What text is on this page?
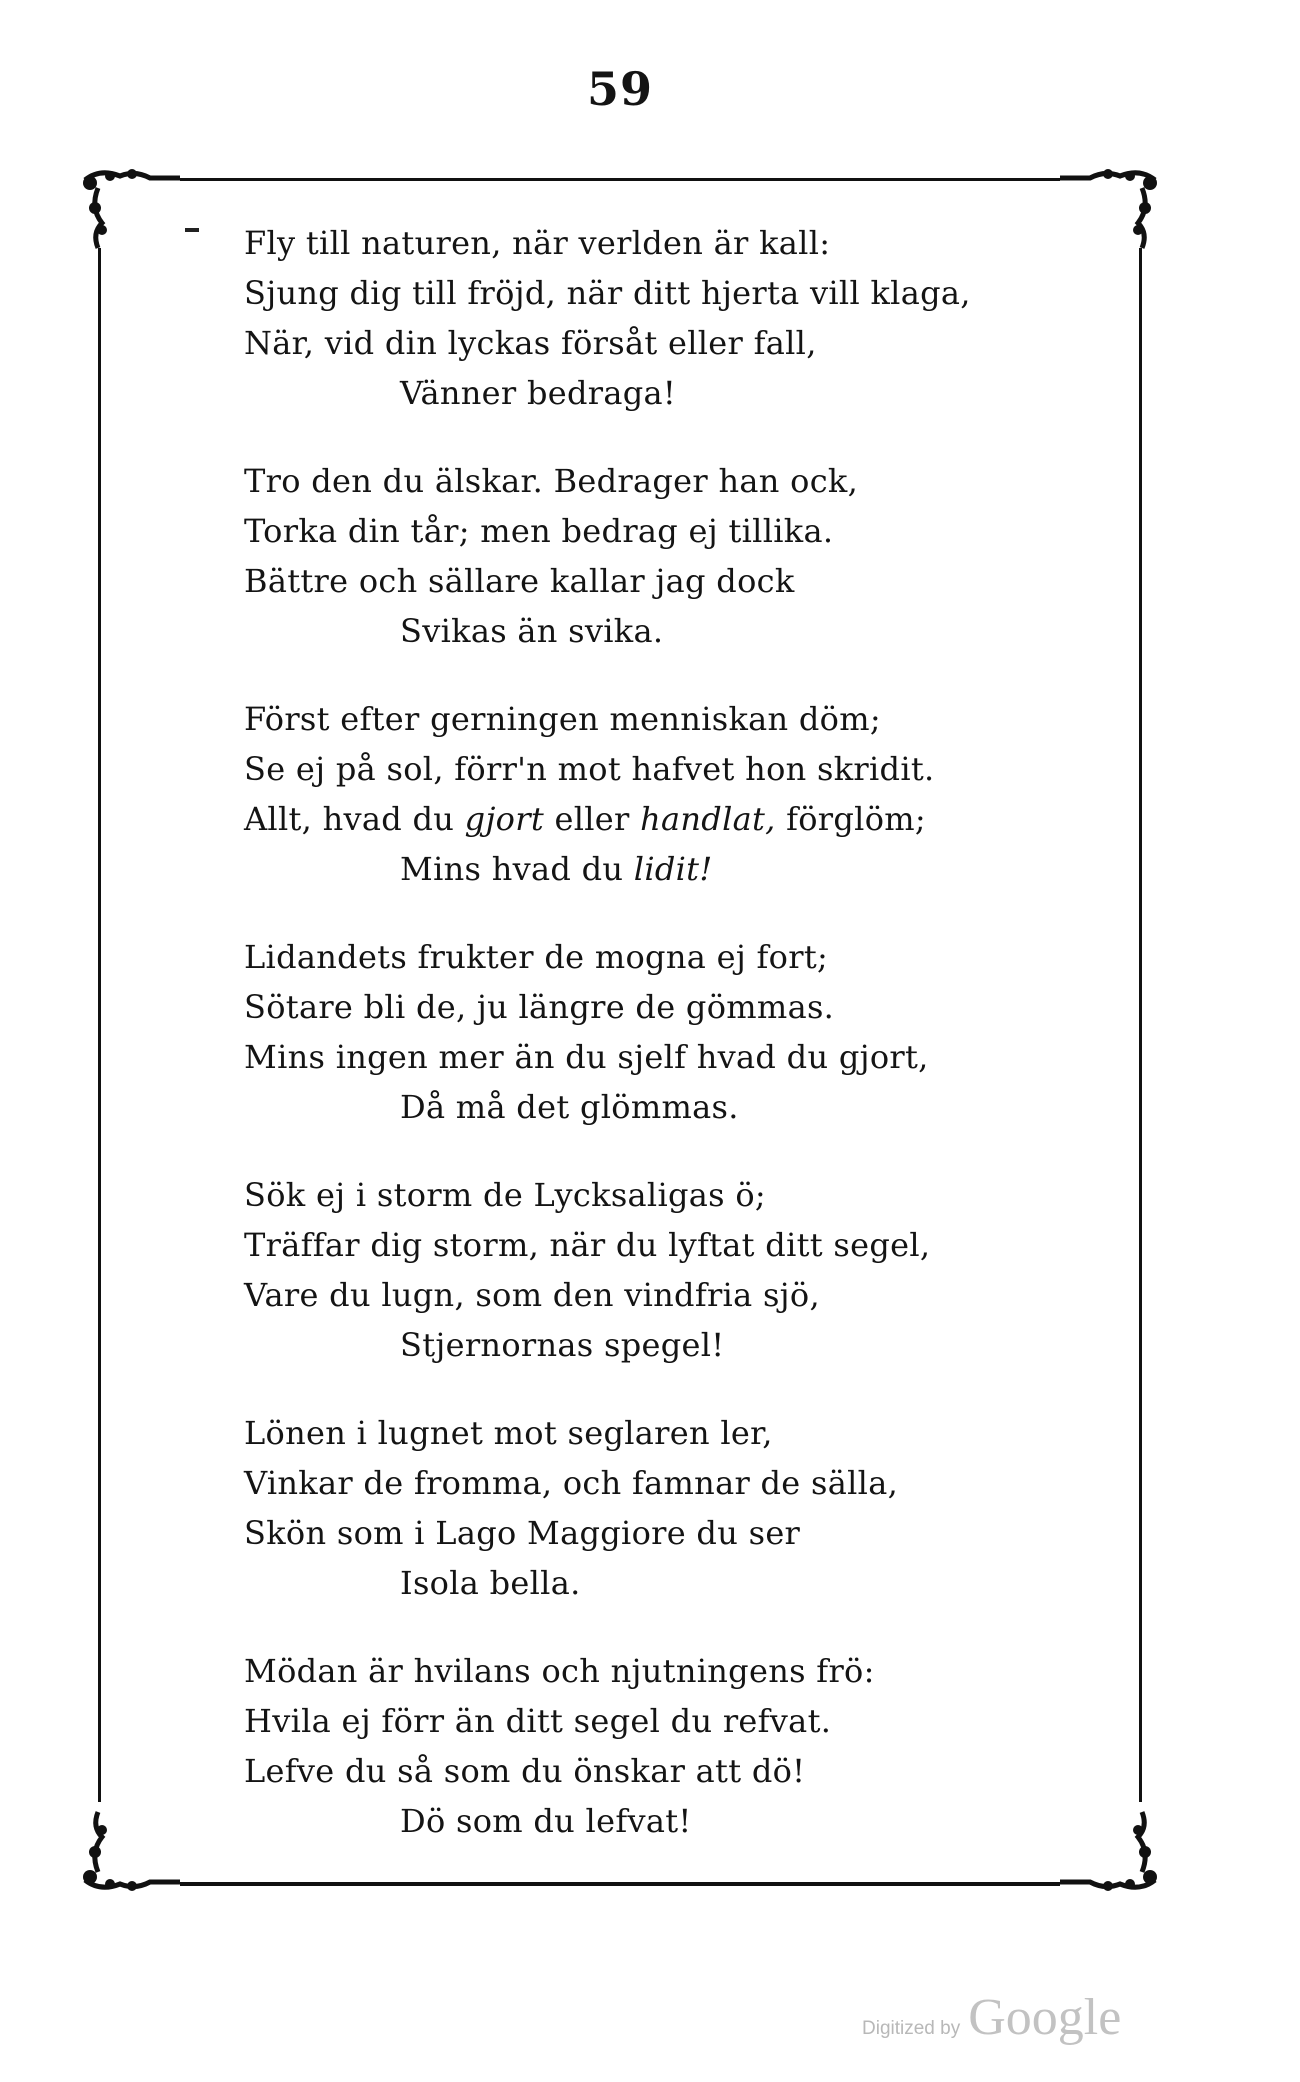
59
Fly till naturen, när verlden är kall:
Sjung dig till fröjd, när ditt hjerta vill klaga,
När, vid din lyckas försåt eller fall,
Vänner bedraga!
Tro den du älskar. Bedrager han ock,
Torka din tår; men bedrag ej tillika.
Bättre och sällare kallar jag dock
Svikas än svika.
Först efter gerningen menniskan döm;
Se ej på sol, förr'n mot hafvet hon skridit.
Allt, hvad du gjort eller handlat, förglöm;
Mins hvad du lidit!
Lidandets frukter de mogna ej fort;
Sötare bli de, ju längre de gömmas.
Mins ingen mer än du sjelf hvad du gjort,
Då må det glömmas.
Sök ej i storm de Lycksaligas ö;
Träffar dig storm, när du lyftat ditt segel,
Vare du lugn, som den vindfria sjö,
Stjernornas spegel!
Lönen i lugnet mot seglaren ler,
Vinkar de fromma, och famnar de sälla,
Skön som i Lago Maggiore du ser
Isola bella.
Mödan är hvilans och njutningens frö:
Hvila ej förr än ditt segel du refvat.
Lefve du så som du önskar att dö!
Dö som du lefvat!
Digitized by Google
